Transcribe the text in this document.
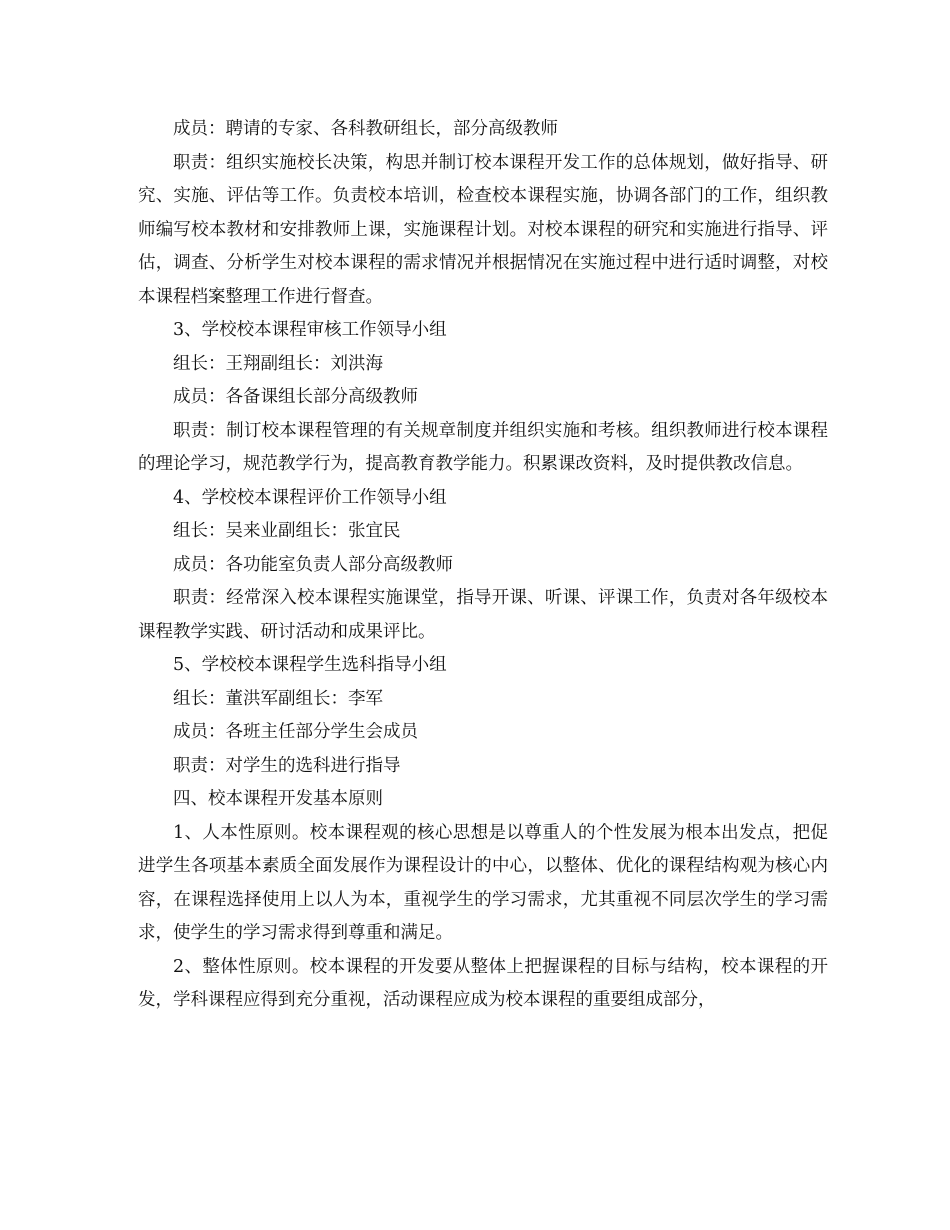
成员：聘请的专家、各科教研组长，部分高级教师

职责：组织实施校长决策，构思并制订校本课程开发工作的总体规划，做好指导、研究、实施、评估等工作。负责校本培训，检查校本课程实施，协调各部门的工作，组织教师编写校本教材和安排教师上课，实施课程计划。对校本课程的研究和实施进行指导、评估，调查、分析学生对校本课程的需求情况并根据情况在实施过程中进行适时调整，对校本课程档案整理工作进行督查。

3、学校校本课程审核工作领导小组

组长：王翔副组长：刘洪海

成员：各备课组长部分高级教师

职责：制订校本课程管理的有关规章制度并组织实施和考核。组织教师进行校本课程的理论学习，规范教学行为，提高教育教学能力。积累课改资料，及时提供教改信息。

4、学校校本课程评价工作领导小组

组长：吴来业副组长：张宜民

成员：各功能室负责人部分高级教师

职责：经常深入校本课程实施课堂，指导开课、听课、评课工作，负责对各年级校本课程教学实践、研讨活动和成果评比。

5、学校校本课程学生选科指导小组

组长：董洪军副组长：李军

成员：各班主任部分学生会成员

职责：对学生的选科进行指导

四、校本课程开发基本原则

1、人本性原则。校本课程观的核心思想是以尊重人的个性发展为根本出发点，把促进学生各项基本素质全面发展作为课程设计的中心，以整体、优化的课程结构观为核心内容，在课程选择使用上以人为本，重视学生的学习需求，尤其重视不同层次学生的学习需求，使学生的学习需求得到尊重和满足。

2、整体性原则。校本课程的开发要从整体上把握课程的目标与结构，校本课程的开发，学科课程应得到充分重视，活动课程应成为校本课程的重要组成部分，
